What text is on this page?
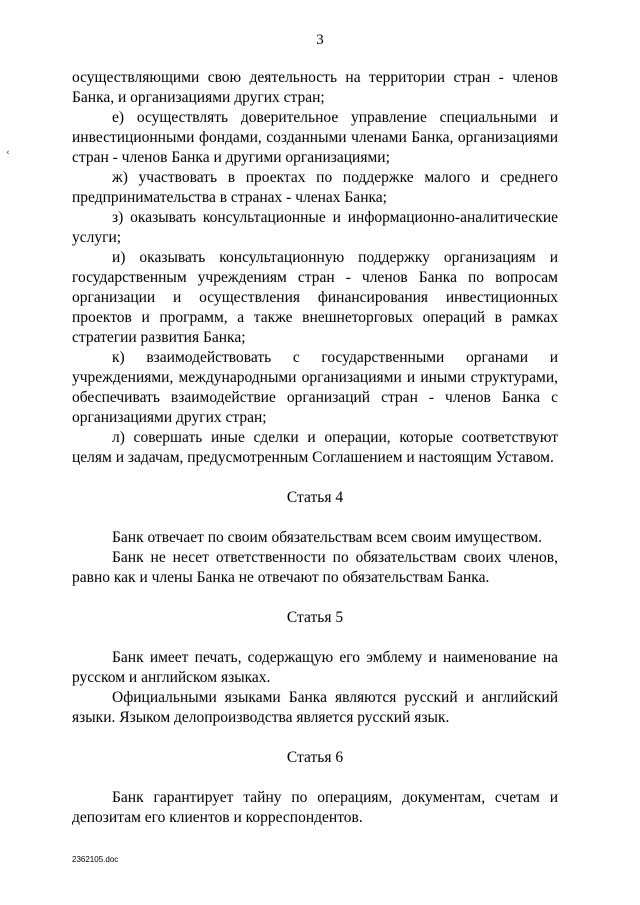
3
‹

осуществляющими свою деятельность на территории стран - членов Банка, и организациями других стран;

е) осуществлять доверительное управление специальными и инвестиционными фондами, созданными членами Банка, организациями стран - членов Банка и другими организациями;

ж) участвовать в проектах по поддержке малого и среднего предпринимательства в странах - членах Банка;

з) оказывать консультационные и информационно-аналитические услуги;

и) оказывать консультационную поддержку организациям и государственным учреждениям стран - членов Банка по вопросам организации и осуществления финансирования инвестиционных проектов и программ, а также внешнеторговых операций в рамках стратегии развития Банка;

к) взаимодействовать с государственными органами и учреждениями, международными организациями и иными структурами, обеспечивать взаимодействие организаций стран - членов Банка с организациями других стран;

л) совершать иные сделки и операции, которые соответствуют целям и задачам, предусмотренным Соглашением и настоящим Уставом.

Статья 4

Банк отвечает по своим обязательствам всем своим имуществом.

Банк не несет ответственности по обязательствам своих членов, равно как и члены Банка не отвечают по обязательствам Банка.

Статья 5

Банк имеет печать, содержащую его эмблему и наименование на русском и английском языках.

Официальными языками Банка являются русский и английский языки. Языком делопроизводства является русский язык.

Статья 6

Банк гарантирует тайну по операциям, документам, счетам и депозитам его клиентов и корреспондентов.

2362105.doc
